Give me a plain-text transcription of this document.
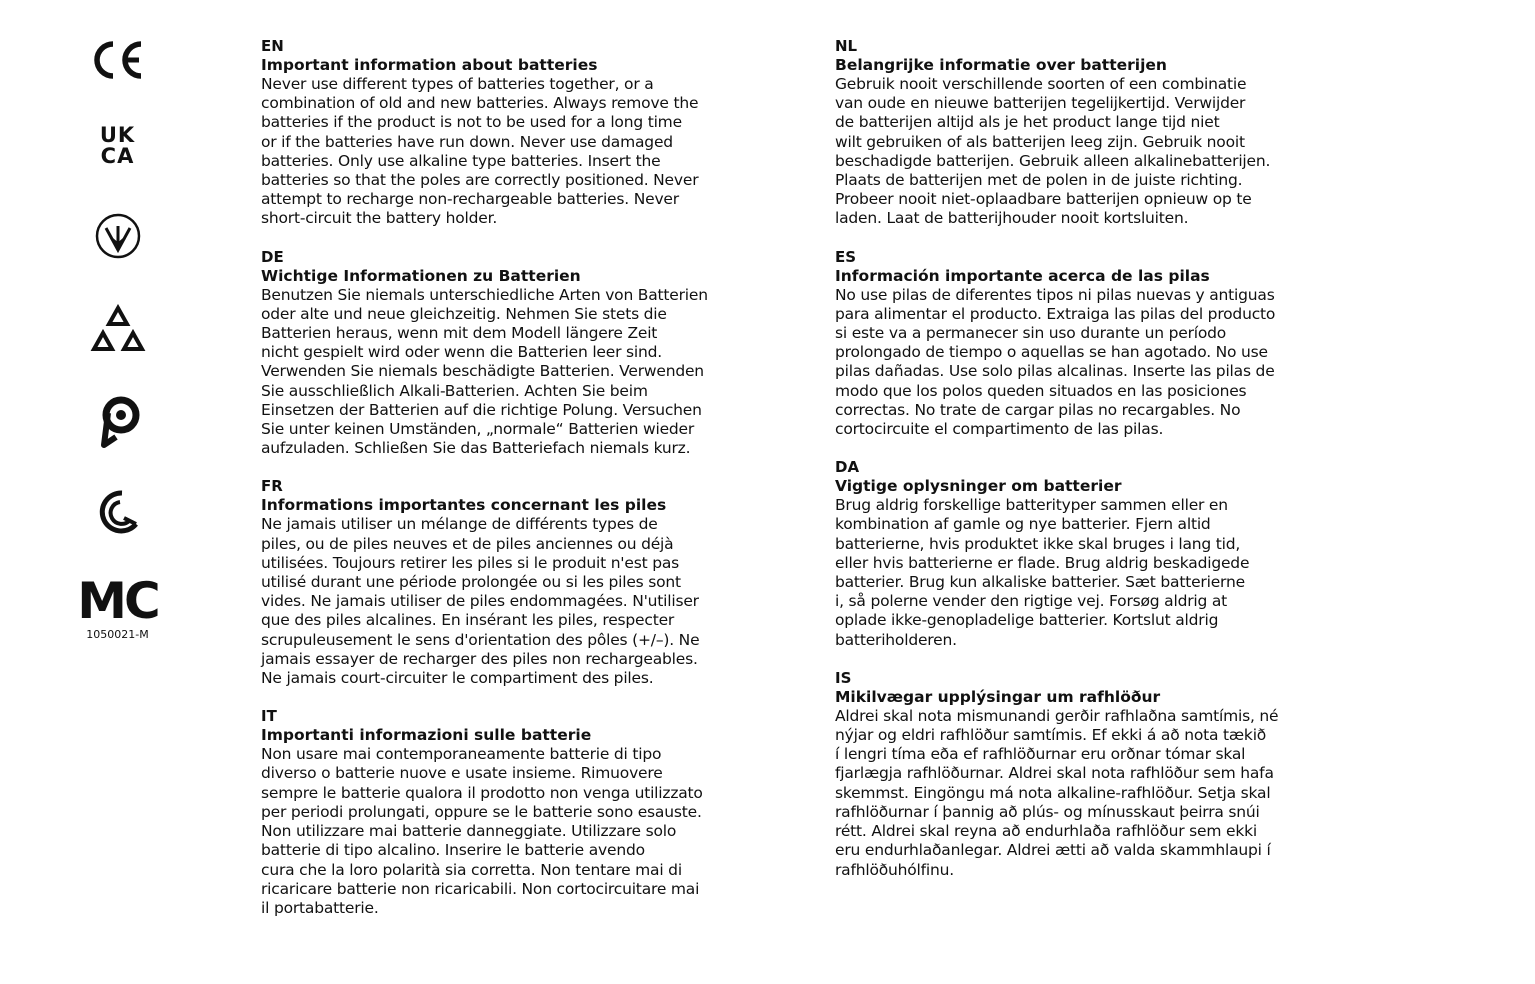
UK
CA
MC
1050021-M
EN
Important information about batteries
Never use different types of batteries together, or a
combination of old and new batteries. Always remove the
batteries if the product is not to be used for a long time
or if the batteries have run down. Never use damaged
batteries. Only use alkaline type batteries. Insert the
batteries so that the poles are correctly positioned. Never
attempt to recharge non-rechargeable batteries. Never
short-circuit the battery holder.
DE
Wichtige Informationen zu Batterien
Benutzen Sie niemals unterschiedliche Arten von Batterien
oder alte und neue gleichzeitig. Nehmen Sie stets die
Batterien heraus, wenn mit dem Modell längere Zeit
nicht gespielt wird oder wenn die Batterien leer sind.
Verwenden Sie niemals beschädigte Batterien. Verwenden
Sie ausschließlich Alkali-Batterien. Achten Sie beim
Einsetzen der Batterien auf die richtige Polung. Versuchen
Sie unter keinen Umständen, „normale“ Batterien wieder
aufzuladen. Schließen Sie das Batteriefach niemals kurz.
FR
Informations importantes concernant les piles
Ne jamais utiliser un mélange de différents types de
piles, ou de piles neuves et de piles anciennes ou déjà
utilisées. Toujours retirer les piles si le produit n'est pas
utilisé durant une période prolongée ou si les piles sont
vides. Ne jamais utiliser de piles endommagées. N'utiliser
que des piles alcalines. En insérant les piles, respecter
scrupuleusement le sens d'orientation des pôles (+/–). Ne
jamais essayer de recharger des piles non rechargeables.
Ne jamais court-circuiter le compartiment des piles.
IT
Importanti informazioni sulle batterie
Non usare mai contemporaneamente batterie di tipo
diverso o batterie nuove e usate insieme. Rimuovere
sempre le batterie qualora il prodotto non venga utilizzato
per periodi prolungati, oppure se le batterie sono esauste.
Non utilizzare mai batterie danneggiate. Utilizzare solo
batterie di tipo alcalino. Inserire le batterie avendo
cura che la loro polarità sia corretta. Non tentare mai di
ricaricare batterie non ricaricabili. Non cortocircuitare mai
il portabatterie.
NL
Belangrijke informatie over batterijen
Gebruik nooit verschillende soorten of een combinatie
van oude en nieuwe batterijen tegelijkertijd. Verwijder
de batterijen altijd als je het product lange tijd niet
wilt gebruiken of als batterijen leeg zijn. Gebruik nooit
beschadigde batterijen. Gebruik alleen alkalinebatterijen.
Plaats de batterijen met de polen in de juiste richting.
Probeer nooit niet-oplaadbare batterijen opnieuw op te
laden. Laat de batterijhouder nooit kortsluiten.
ES
Información importante acerca de las pilas
No use pilas de diferentes tipos ni pilas nuevas y antiguas
para alimentar el producto. Extraiga las pilas del producto
si este va a permanecer sin uso durante un período
prolongado de tiempo o aquellas se han agotado. No use
pilas dañadas. Use solo pilas alcalinas. Inserte las pilas de
modo que los polos queden situados en las posiciones
correctas. No trate de cargar pilas no recargables. No
cortocircuite el compartimento de las pilas.
DA
Vigtige oplysninger om batterier
Brug aldrig forskellige batterityper sammen eller en
kombination af gamle og nye batterier. Fjern altid
batterierne, hvis produktet ikke skal bruges i lang tid,
eller hvis batterierne er flade. Brug aldrig beskadigede
batterier. Brug kun alkaliske batterier. Sæt batterierne
i, så polerne vender den rigtige vej. Forsøg aldrig at
oplade ikke-genopladelige batterier. Kortslut aldrig
batteriholderen.
IS
Mikilvægar upplýsingar um rafhlöður
Aldrei skal nota mismunandi gerðir rafhlaðna samtímis, né
nýjar og eldri rafhlöður samtímis. Ef ekki á að nota tækið
í lengri tíma eða ef rafhlöðurnar eru orðnar tómar skal
fjarlægja rafhlöðurnar. Aldrei skal nota rafhlöður sem hafa
skemmst. Eingöngu má nota alkaline-rafhlöður. Setja skal
rafhlöðurnar í þannig að plús- og mínusskaut þeirra snúi
rétt. Aldrei skal reyna að endurhlaða rafhlöður sem ekki
eru endurhlaðanlegar. Aldrei ætti að valda skammhlaupi í
rafhlöðuhólfinu.
